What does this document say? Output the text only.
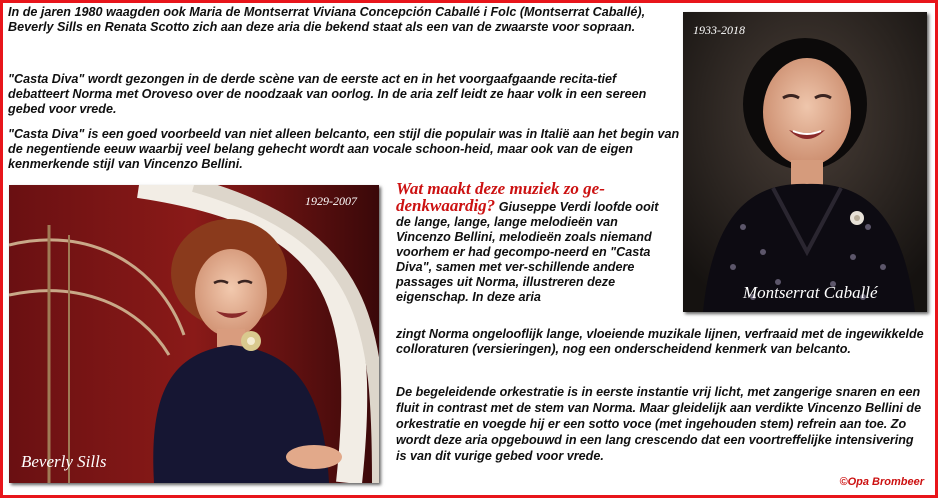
In de jaren 1980 waagden ook Maria de Montserrat Viviana Concepción Caballé i Folc (Montserrat Caballé), Beverly Sills en Renata Scotto zich aan deze aria die bekend staat als een van de zwaarste voor sopraan.

"Casta Diva" wordt gezongen in de derde scène van de eerste act en in het voorgaafgaande recita-tief debatteert Norma met Oroveso over de noodzaak van oorlog. In de aria zelf leidt ze haar volk in een sereen gebed voor vrede.

"Casta Diva" is een goed voorbeeld van niet alleen belcanto, een stijl die populair was in Italië aan het begin van de negentiende eeuw waarbij veel belang gehecht wordt aan vocale schoon-heid, maar ook van de eigen kenmerkende stijl van Vincenzo Bellini.

1933-2018
Montserrat Caballé
1929-2007
Beverly Sills
Wat maakt deze muziek zo ge-denkwaardig? Giuseppe Verdi loofde ooit de lange, lange, lange melodieën van Vincenzo Bellini, melodieën zoals niemand voorhem er had gecompo-neerd en "Casta Diva", samen met ver-schillende andere passages uit Norma, illustreren deze eigenschap. In deze aria

zingt Norma ongelooflijk lange, vloeiende muzikale lijnen, verfraaid met de ingewikkelde colloraturen (versieringen), nog een onderscheidend kenmerk van belcanto.

De begeleidende orkestratie is in eerste instantie vrij licht, met zangerige snaren en een fluit in contrast met de stem van Norma. Maar gleidelijk aan verdikte Vincenzo Bellini de orkestratie en voegde hij er een sotto voce (met ingehouden stem) refrein aan toe. Zo wordt deze aria opgebouwd in een lang crescendo dat een voortreffelijke intensivering is van dit vurige gebed voor vrede.

©Opa Brombeer
